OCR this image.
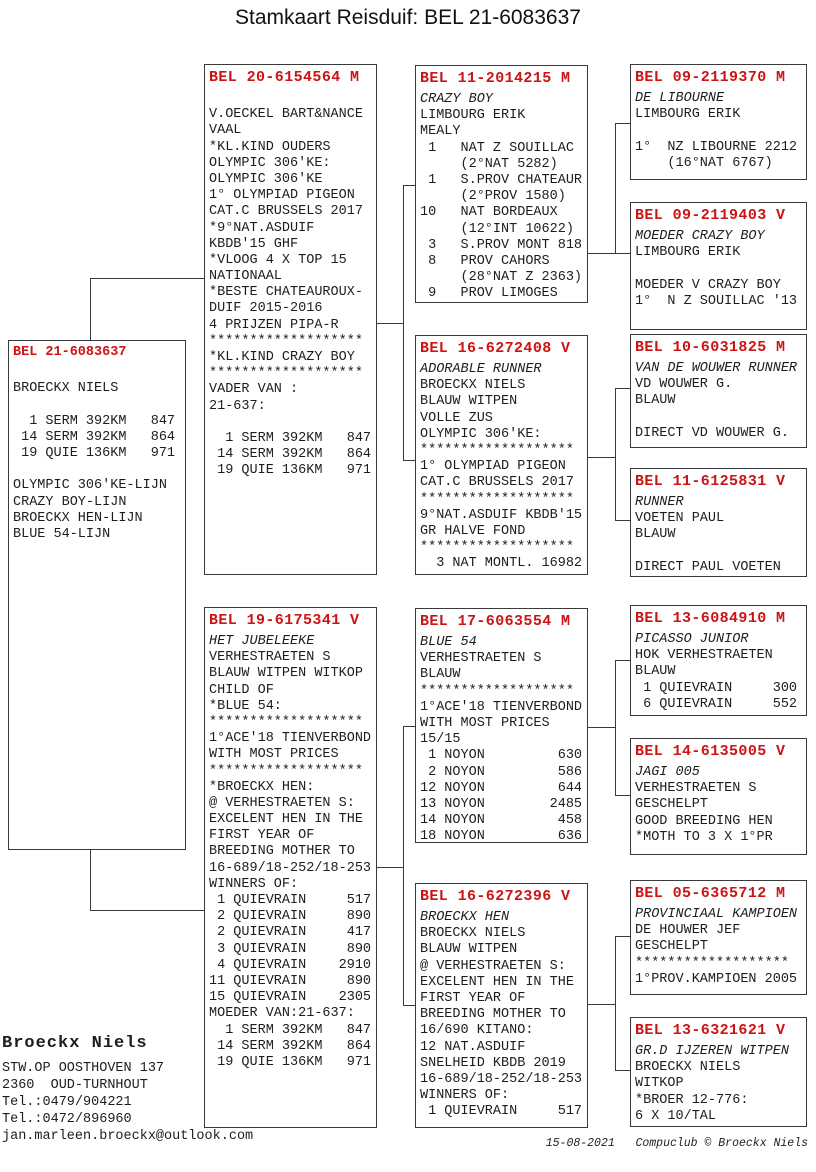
Stamkaart Reisduif: BEL 21-6083637
BEL 21-6083637

BROECKX NIELS

1 SERM 392KM   847
14 SERM 392KM   864
19 QUIE 136KM   971

OLYMPIC 306'KE-LIJN
CRAZY BOY-LIJN
BROECKX HEN-LIJN
BLUE 54-LIJN
BEL 20-6154564 M

V.OECKEL BART&NANCE
VAAL
*KL.KIND OUDERS
OLYMPIC 306'KE:
OLYMPIC 306'KE
1° OLYMPIAD PIGEON
CAT.C BRUSSELS 2017
*9°NAT.ASDUIF
KBDB'15 GHF
*VLOOG 4 X TOP 15
NATIONAAL
*BESTE CHATEAUROUX-
DUIF 2015-2016
4 PRIJZEN PIPA-R
*******************
*KL.KIND CRAZY BOY
*******************
VADER VAN :
21-637:

1 SERM 392KM   847
14 SERM 392KM   864
19 QUIE 136KM   971
BEL 19-6175341 V
HET JUBELEEKE
VERHESTRAETEN S
BLAUW WITPEN WITKOP
CHILD OF
*BLUE 54:
*******************
1°ACE'18 TIENVERBOND
WITH MOST PRICES
*******************
*BROECKX HEN:
@ VERHESTRAETEN S:
EXCELENT HEN IN THE
FIRST YEAR OF
BREEDING MOTHER TO
16-689/18-252/18-253
WINNERS OF:
1 QUIEVRAIN     517
2 QUIEVRAIN     890
2 QUIEVRAIN     417
3 QUIEVRAIN     890
4 QUIEVRAIN    2910
11 QUIEVRAIN     890
15 QUIEVRAIN    2305
MOEDER VAN:21-637:
1 SERM 392KM   847
14 SERM 392KM   864
19 QUIE 136KM   971
BEL 11-2014215 M
CRAZY BOY
LIMBOURG ERIK
MEALY
1   NAT Z SOUILLAC
(2°NAT 5282)
1   S.PROV CHATEAUR
(2°PROV 1580)
10   NAT BORDEAUX
(12°INT 10622)
3   S.PROV MONT 818
8   PROV CAHORS
(28°NAT Z 2363)
9   PROV LIMOGES
BEL 16-6272408 V
ADORABLE RUNNER
BROECKX NIELS
BLAUW WITPEN
VOLLE ZUS
OLYMPIC 306'KE:
*******************
1° OLYMPIAD PIGEON
CAT.C BRUSSELS 2017
*******************
9°NAT.ASDUIF KBDB'15
GR HALVE FOND
*******************
3 NAT MONTL. 16982
BEL 17-6063554 M
BLUE 54
VERHESTRAETEN S
BLAUW
*******************
1°ACE'18 TIENVERBOND
WITH MOST PRICES
15/15
1 NOYON         630
2 NOYON         586
12 NOYON         644
13 NOYON        2485
14 NOYON         458
18 NOYON         636
BEL 16-6272396 V
BROECKX HEN
BROECKX NIELS
BLAUW WITPEN
@ VERHESTRAETEN S:
EXCELENT HEN IN THE
FIRST YEAR OF
BREEDING MOTHER TO
16/690 KITANO:
12 NAT.ASDUIF
SNELHEID KBDB 2019
16-689/18-252/18-253
WINNERS OF:
1 QUIEVRAIN     517
BEL 09-2119370 M
DE LIBOURNE
LIMBOURG ERIK

1°  NZ LIBOURNE 2212
(16°NAT 6767)
BEL 09-2119403 V
MOEDER CRAZY BOY
LIMBOURG ERIK

MOEDER V CRAZY BOY
1°  N Z SOUILLAC '13
BEL 10-6031825 M
VAN DE WOUWER RUNNER
VD WOUWER G.
BLAUW

DIRECT VD WOUWER G.
BEL 11-6125831 V
RUNNER
VOETEN PAUL
BLAUW

DIRECT PAUL VOETEN
BEL 13-6084910 M
PICASSO JUNIOR
HOK VERHESTRAETEN
BLAUW
1 QUIEVRAIN     300
6 QUIEVRAIN     552
BEL 14-6135005 V
JAGI 005
VERHESTRAETEN S
GESCHELPT
GOOD BREEDING HEN
*MOTH TO 3 X 1°PR
BEL 05-6365712 M
PROVINCIAAL KAMPIOEN
DE HOUWER JEF
GESCHELPT
*******************
1°PROV.KAMPIOEN 2005
BEL 13-6321621 V
GR.D IJZEREN WITPEN
BROECKX NIELS
WITKOP
*BROER 12-776:
6 X 10/TAL
Broeckx Niels
STW.OP OOSTHOVEN 137
2360  OUD-TURNHOUT
Tel.:0479/904221
Tel.:0472/896960
jan.marleen.broeckx@outlook.com	15-08-2021 Compuclub © Broeckx Niels
